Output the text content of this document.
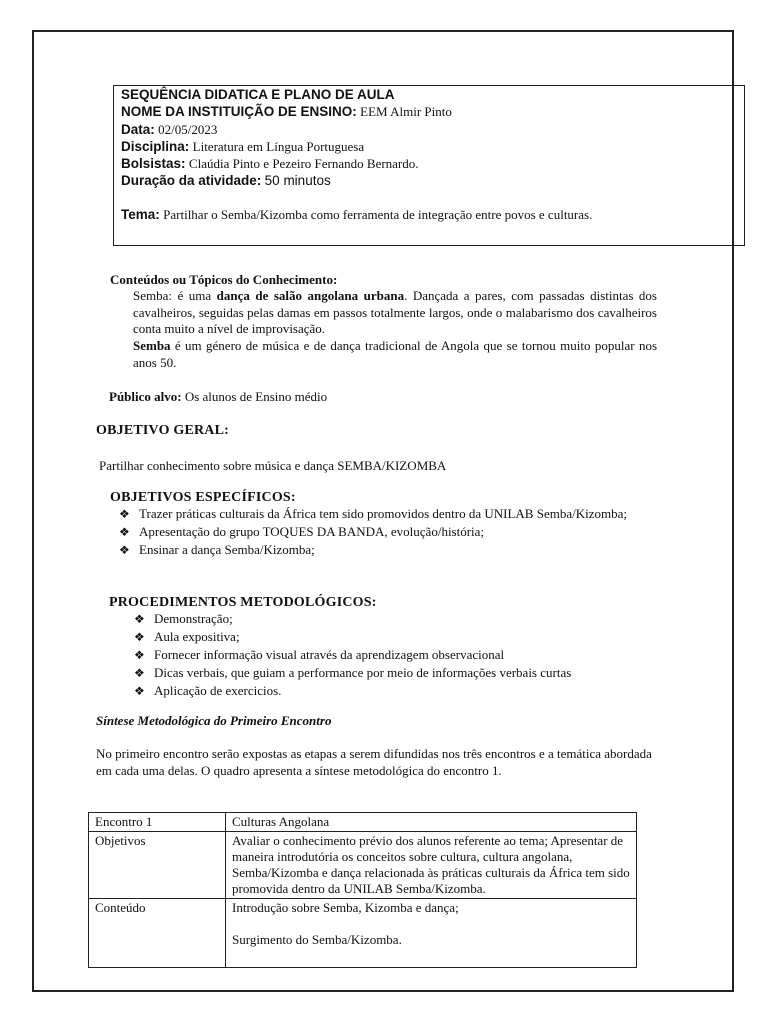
SEQUÊNCIA DIDATICA E PLANO DE AULA
NOME DA INSTITUIÇÃO DE ENSINO: EEM Almir Pinto
Data: 02/05/2023
Disciplina: Literatura em Língua Portuguesa
Bolsistas: Claúdia Pinto e Pezeiro Fernando Bernardo.
Duração da atividade: 50 minutos
Tema: Partilhar o Semba/Kizomba como ferramenta de integração entre povos e culturas.
Conteúdos ou Tópicos do Conhecimento:
Semba: é uma dança de salão angolana urbana. Dançada a pares, com passadas distintas dos cavalheiros, seguidas pelas damas em passos totalmente largos, onde o malabarismo dos cavalheiros conta muito a nível de improvisação.
Semba é um género de música e de dança tradicional de Angola que se tornou muito popular nos anos 50.
Público alvo: Os alunos de Ensino médio
OBJETIVO GERAL:
Partilhar conhecimento sobre música e dança SEMBA/KIZOMBA
OBJETIVOS ESPECÍFICOS:
❖ Trazer práticas culturais da África tem sido promovidos dentro da UNILAB Semba/Kizomba;
❖ Apresentação do grupo TOQUES DA BANDA, evolução/história;
❖ Ensinar a dança Semba/Kizomba;
PROCEDIMENTOS METODOLÓGICOS:
❖ Demonstração;
❖ Aula expositiva;
❖ Fornecer informação visual através da aprendizagem observacional
❖ Dicas verbais, que guiam a performance por meio de informações verbais curtas
❖ Aplicação de exercicios.
Síntese Metodológica do Primeiro Encontro
No primeiro encontro serão expostas as etapas a serem difundidas nos três encontros e a temática abordada em cada uma delas. O quadro apresenta a síntese metodológica do encontro 1.
Encontro 1	Culturas Angolana
Objetivos	Avaliar o conhecimento prévio dos alunos referente ao tema; Apresentar de maneira introdutória os conceitos sobre cultura, cultura angolana, Semba/Kizomba e dança relacionada às práticas culturais da África tem sido promovida dentro da UNILAB Semba/Kizomba.
Conteúdo	Introdução sobre Semba, Kizomba e dança;
Surgimento do Semba/Kizomba.
